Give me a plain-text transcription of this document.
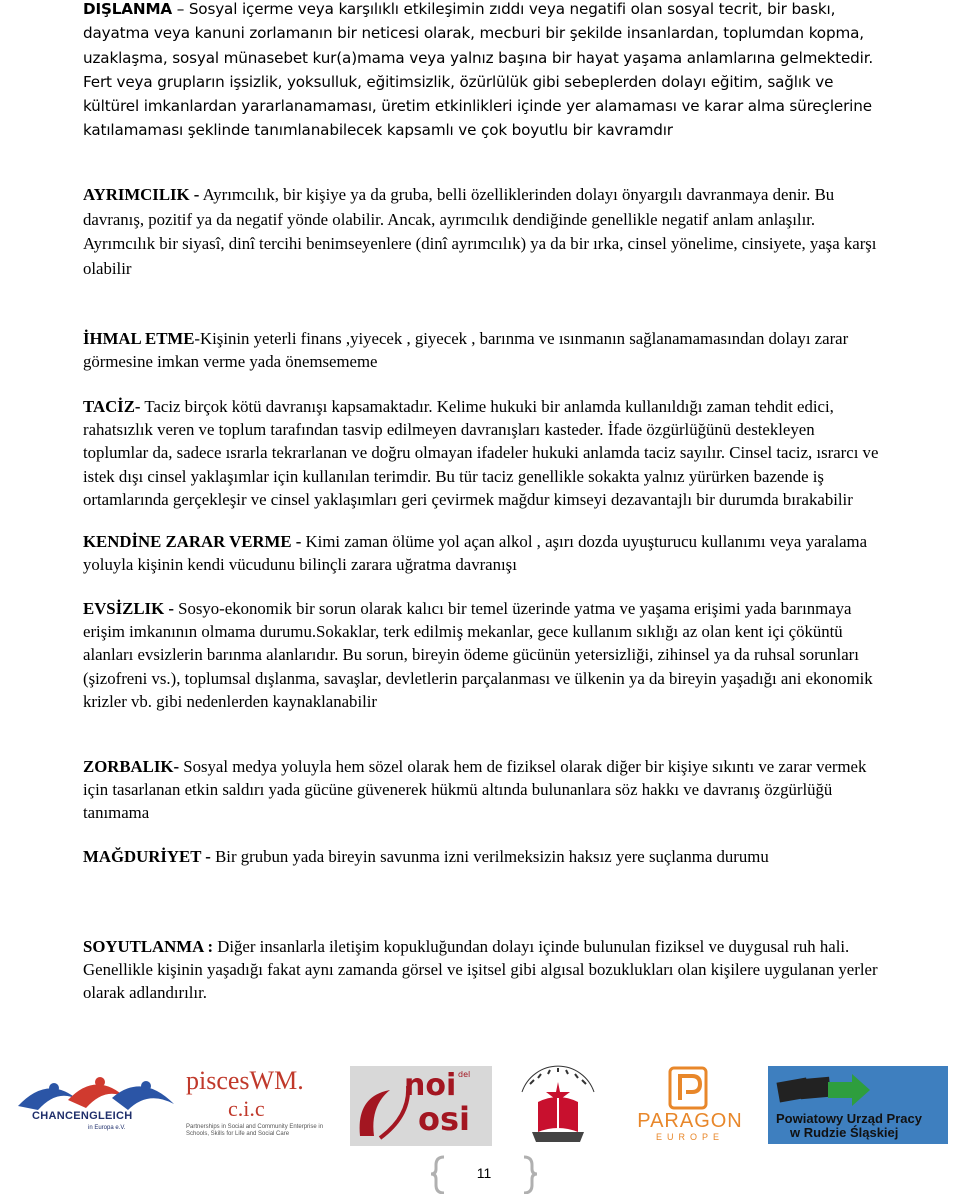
DIŞLANMA – Sosyal içerme veya karşılıklı etkileşimin zıddı veya negatifi olan sosyal tecrit, bir baskı, dayatma veya kanuni zorlamanın bir neticesi olarak, mecburi bir şekilde insanlardan, toplumdan kopma, uzaklaşma, sosyal münasebet kur(a)mama veya yalnız başına bir hayat yaşama anlamlarına gelmektedir. Fert veya grupların işsizlik, yoksulluk, eğitimsizlik, özürlülük gibi sebeplerden dolayı eğitim, sağlık ve kültürel imkanlardan yararlanamaması, üretim etkinlikleri içinde yer alamaması ve karar alma süreçlerine katılamaması şeklinde tanımlanabilecek kapsamlı ve çok boyutlu bir kavramdır

AYRIMCILIK - Ayrımcılık, bir kişiye ya da gruba, belli özelliklerinden dolayı önyargılı davranmaya denir. Bu davranış, pozitif ya da negatif yönde olabilir. Ancak, ayrımcılık dendiğinde genellikle negatif anlam anlaşılır. Ayrımcılık bir siyasî, dinî tercihi benimseyenlere (dinî ayrımcılık) ya da bir ırka, cinsel yönelime, cinsiyete, yaşa karşı olabilir

İHMAL ETME-Kişinin yeterli finans ,yiyecek , giyecek , barınma ve ısınmanın sağlanamamasından dolayı zarar görmesine imkan verme yada önemsememe

TACİZ- Taciz birçok kötü davranışı kapsamaktadır. Kelime hukuki bir anlamda kullanıldığı zaman tehdit edici, rahatsızlık veren ve toplum tarafından tasvip edilmeyen davranışları kasteder. İfade özgürlüğünü destekleyen toplumlar da, sadece ısrarla tekrarlanan ve doğru olmayan ifadeler hukuki anlamda taciz sayılır. Cinsel taciz, ısrarcı ve istek dışı cinsel yaklaşımlar için kullanılan terimdir. Bu tür taciz genellikle sokakta yalnız yürürken bazende iş ortamlarında gerçekleşir ve cinsel yaklaşımları geri çevirmek mağdur kimseyi dezavantajlı bir durumda bırakabilir

KENDİNE ZARAR VERME - Kimi zaman ölüme yol açan alkol , aşırı dozda uyuşturucu kullanımı veya yaralama yoluyla kişinin kendi vücudunu bilinçli zarara uğratma davranışı

EVSİZLIK - Sosyo-ekonomik bir sorun olarak kalıcı bir temel üzerinde yatma ve yaşama erişimi yada barınmaya erişim imkanının olmama durumu.Sokaklar, terk edilmiş mekanlar, gece kullanım sıklığı az olan kent içi çöküntü alanları evsizlerin barınma alanlarıdır. Bu sorun, bireyin ödeme gücünün yetersizliği, zihinsel ya da ruhsal sorunları (şizofreni vs.), toplumsal dışlanma, savaşlar, devletlerin parçalanması ve ülkenin ya da bireyin yaşadığı ani ekonomik krizler vb. gibi nedenlerden kaynaklanabilir

ZORBALIK- Sosyal medya yoluyla hem sözel olarak hem de fiziksel olarak diğer bir kişiye sıkıntı ve zarar vermek için tasarlanan etkin saldırı yada gücüne güvenerek hükmü altında bulunanlara söz hakkı ve davranış özgürlüğü tanımama

MAĞDURİYET - Bir grubun yada bireyin savunma izni verilmeksizin haksız yere suçlanma durumu

SOYUTLANMA : Diğer insanlarla iletişim kopukluğundan dolayı içinde bulunulan fiziksel ve duygusal ruh hali. Genellikle kişinin yaşadığı fakat aynı zamanda görsel ve işitsel gibi algısal bozuklukları olan kişilere uygulanan yerler olarak adlandırılır.

CHANCENGLEICH
in Europa e.V.
piscesWM.
c.i.c
Partnerships in Social and Community Enterprise in Schools, Skills for Life and Social Care
noi del
osi	PARAGON
EUROPE
Powiatowy Urząd Pracy
w Rudzie Śląskiej
11
